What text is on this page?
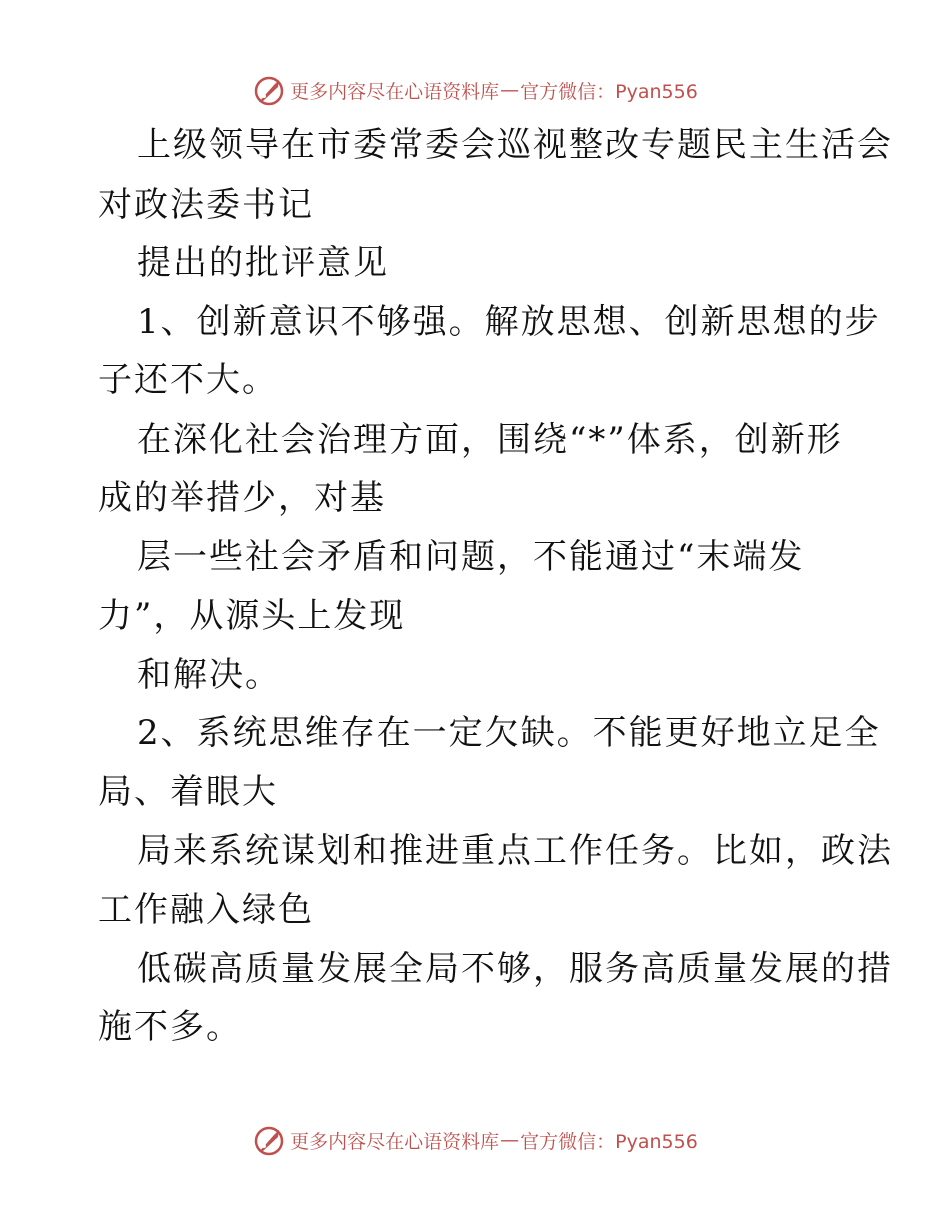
更多内容尽在心语资料库 — 官方微信：Pyan556
上级领导在市委常委会巡视整改专题民主生活会
对政法委书记
提出的批评意见
1、创新意识不够强。解放思想、创新思想的步
子还不大。
在深化社会治理方面，围绕“*”体系，创新形
成的举措少，对基
层一些社会矛盾和问题，不能通过“末端发
力”，从源头上发现
和解决。
2、系统思维存在一定欠缺。不能更好地立足全
局、着眼大
局来系统谋划和推进重点工作任务。比如，政法
工作融入绿色
低碳高质量发展全局不够，服务高质量发展的措
施不多。
更多内容尽在心语资料库 — 官方微信：Pyan556
